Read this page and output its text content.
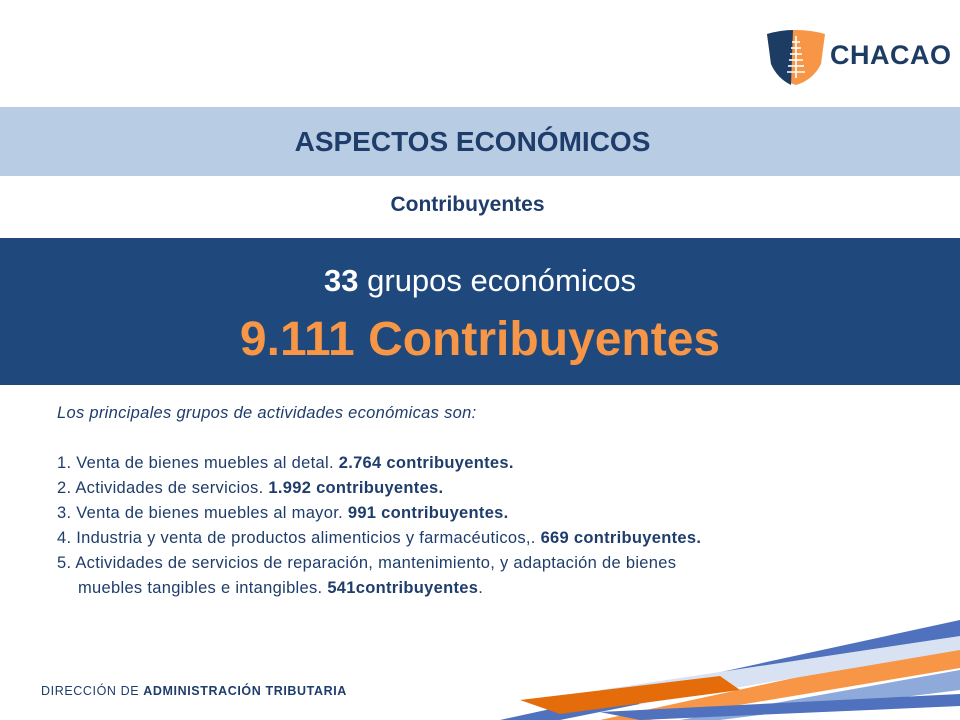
CHACAO
ASPECTOS ECONÓMICOS
Contribuyentes
33 grupos económicos
9.111 Contribuyentes
Los principales grupos de actividades económicas son:
1. Venta de bienes muebles al detal. 2.764 contribuyentes.
2. Actividades de servicios. 1.992 contribuyentes.
3. Venta de bienes muebles al mayor. 991 contribuyentes.
4. Industria y venta de productos alimenticios y farmacéuticos,. 669 contribuyentes.
5. Actividades de servicios de reparación, mantenimiento, y adaptación de bienes
muebles tangibles e intangibles. 541contribuyentes.
DIRECCIÓN DE ADMINISTRACIÓN TRIBUTARIA
